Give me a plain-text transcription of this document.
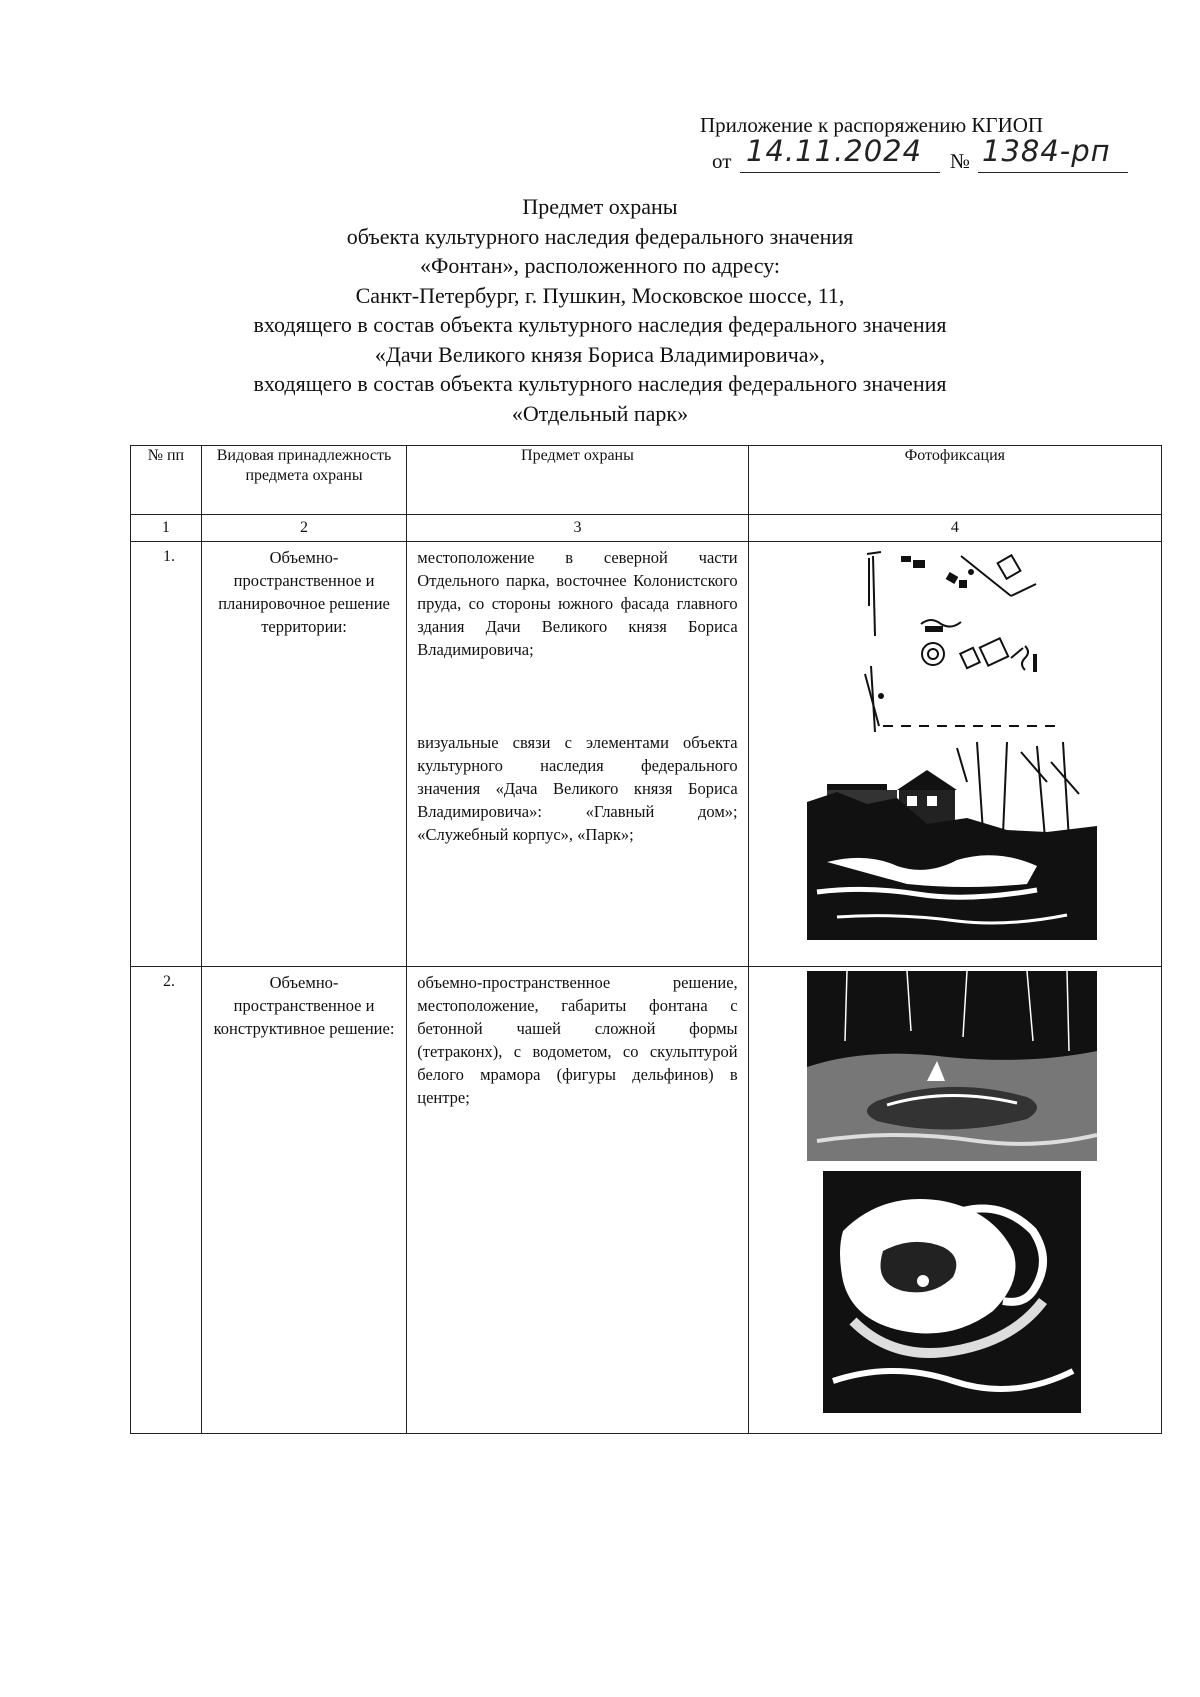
Приложение к распоряжению КГИОП
от 14.11.2024 № 1384-рп
Предмет охраны
объекта культурного наследия федерального значения
«Фонтан», расположенного по адресу:
Санкт-Петербург, г. Пушкин, Московское шоссе, 11,
входящего в состав объекта культурного наследия федерального значения
«Дачи Великого князя Бориса Владимировича»,
входящего в состав объекта культурного наследия федерального значения
«Отдельный парк»
№ пп	Видовая принадлежность предмета охраны	Предмет охраны	Фотофиксация
1	2	3	4
1.	Объемно-пространственное и планировочное решение территории:	местоположение в северной части Отдельного парка, восточнее Колонистского пруда, со стороны южного фасада главного здания Дачи Великого князя Бориса Владимировича;

визуальные связи с элементами объекта культурного наследия федерального значения «Дача Великого князя Бориса Владимировича»: «Главный дом»; «Служебный корпус», «Парк»;

2.	Объемно-пространственное и конструктивное решение:	объемно-пространственное решение, местоположение, габариты фонтана с бетонной чашей сложной формы (тетраконх), с водометом, со скульптурой белого мрамора (фигуры дельфинов) в центре;
